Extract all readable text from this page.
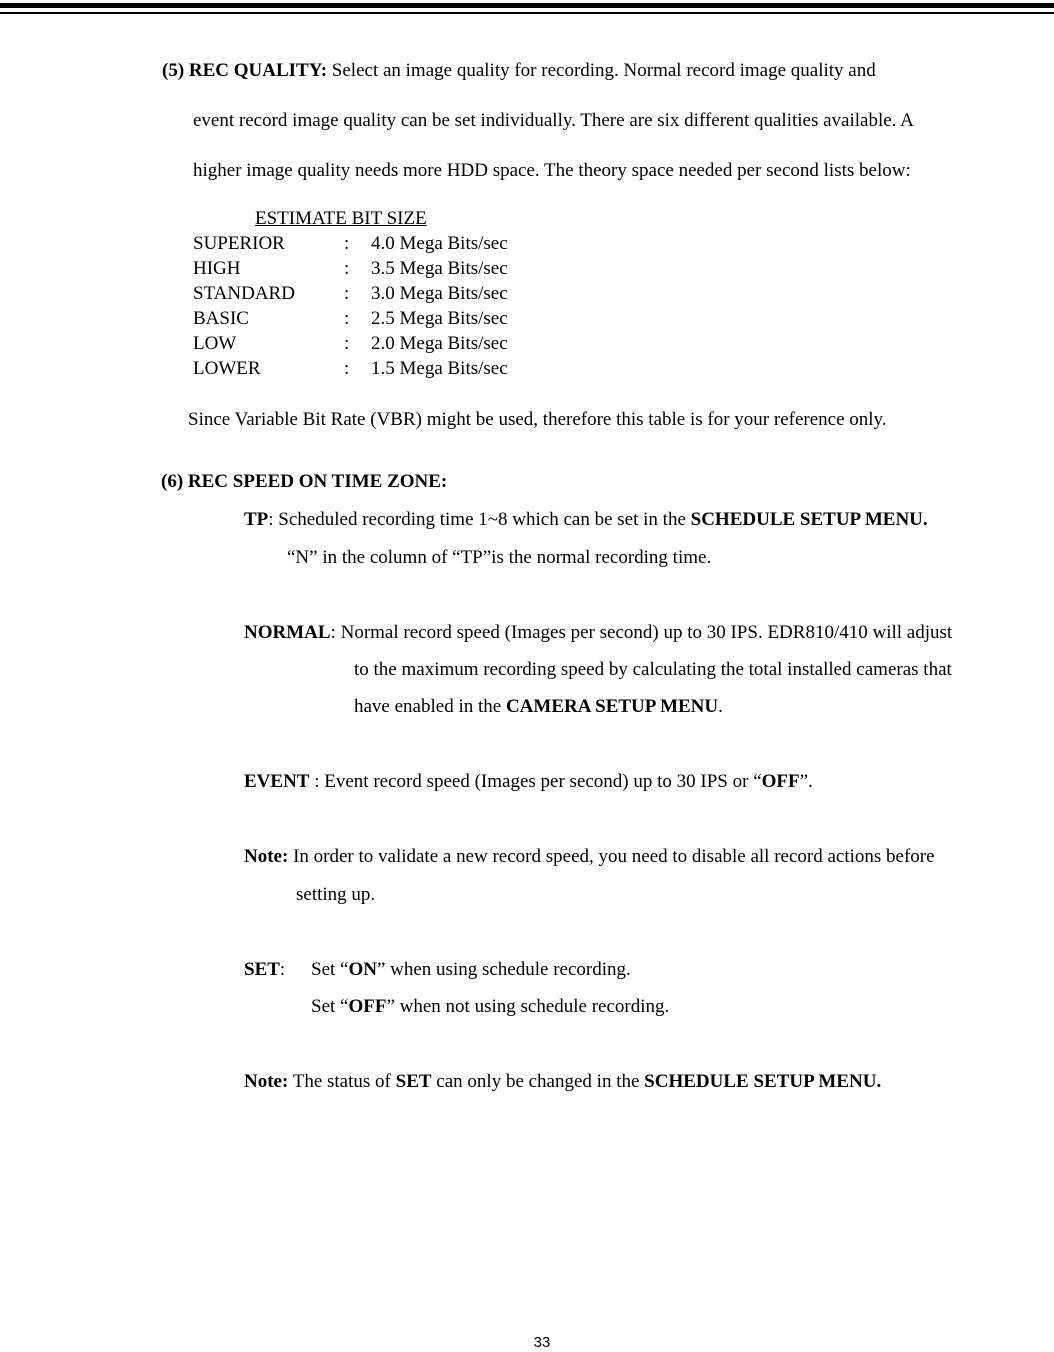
(5) REC QUALITY: Select an image quality for recording. Normal record image quality and
event record image quality can be set individually. There are six different qualities available. A
higher image quality needs more HDD space. The theory space needed per second lists below:
ESTIMATE BIT SIZE
SUPERIOR	: 4.0 Mega Bits/sec
HIGH	: 3.5 Mega Bits/sec
STANDARD	: 3.0 Mega Bits/sec
BASIC	: 2.5 Mega Bits/sec
LOW	: 2.0 Mega Bits/sec
LOWER	: 1.5 Mega Bits/sec
Since Variable Bit Rate (VBR) might be used, therefore this table is for your reference only.
(6) REC SPEED ON TIME ZONE:
TP: Scheduled recording time 1~8 which can be set in the SCHEDULE SETUP MENU.
“N” in the column of “TP”is the normal recording time.
NORMAL: Normal record speed (Images per second) up to 30 IPS. EDR810/410 will adjust
to the maximum recording speed by calculating the total installed cameras that
have enabled in the CAMERA SETUP MENU.
EVENT : Event record speed (Images per second) up to 30 IPS or “OFF”.
Note: In order to validate a new record speed, you need to disable all record actions before
setting up.
SET: Set “ON” when using schedule recording.
Set “OFF” when not using schedule recording.
Note: The status of SET can only be changed in the SCHEDULE SETUP MENU.
33
